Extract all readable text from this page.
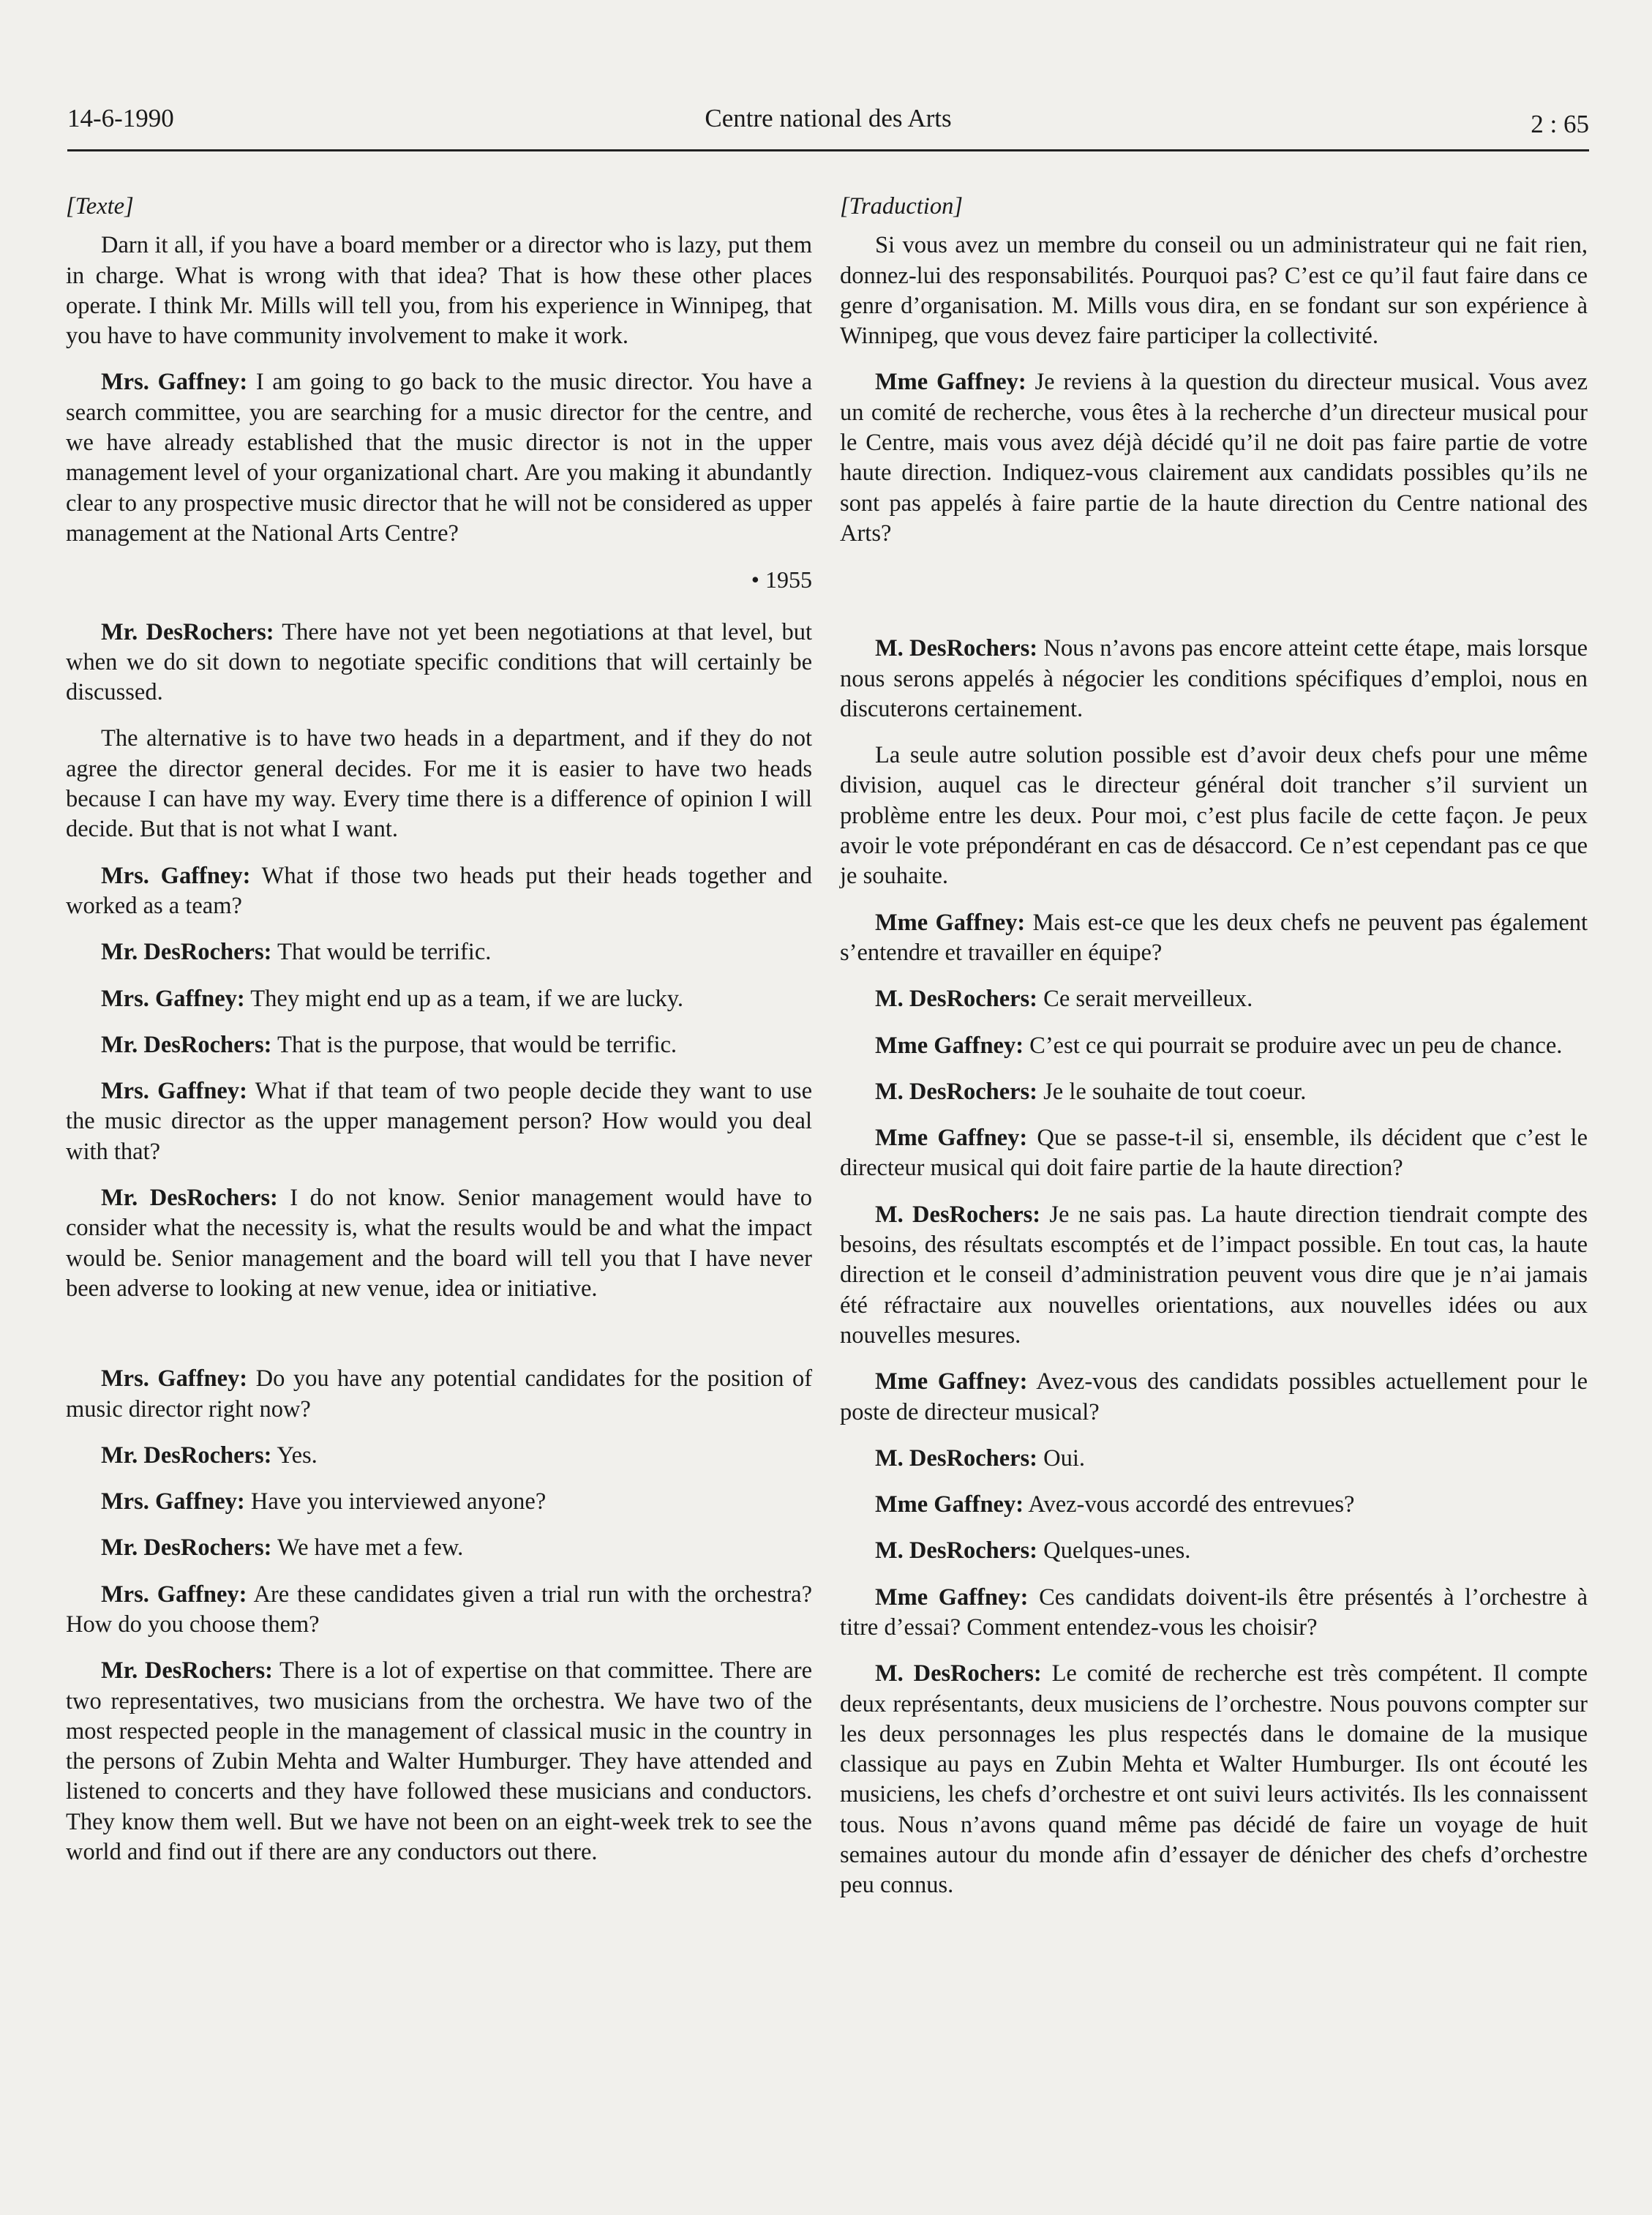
14-6-1990	Centre national des Arts	2 : 65

[Texte]

Darn it all, if you have a board member or a director who is lazy, put them in charge. What is wrong with that idea? That is how these other places operate. I think Mr. Mills will tell you, from his experience in Winnipeg, that you have to have community involvement to make it work.

Mrs. Gaffney: I am going to go back to the music director. You have a search committee, you are searching for a music director for the centre, and we have already established that the music director is not in the upper management level of your organizational chart. Are you making it abundantly clear to any prospective music director that he will not be considered as upper management at the National Arts Centre?

• 1955

Mr. DesRochers: There have not yet been negotiations at that level, but when we do sit down to negotiate specific conditions that will certainly be discussed.

The alternative is to have two heads in a department, and if they do not agree the director general decides. For me it is easier to have two heads because I can have my way. Every time there is a difference of opinion I will decide. But that is not what I want.

Mrs. Gaffney: What if those two heads put their heads together and worked as a team?

Mr. DesRochers: That would be terrific.

Mrs. Gaffney: They might end up as a team, if we are lucky.

Mr. DesRochers: That is the purpose, that would be terrific.

Mrs. Gaffney: What if that team of two people decide they want to use the music director as the upper management person? How would you deal with that?

Mr. DesRochers: I do not know. Senior management would have to consider what the necessity is, what the results would be and what the impact would be. Senior management and the board will tell you that I have never been adverse to looking at new venue, idea or initiative.

Mrs. Gaffney: Do you have any potential candidates for the position of music director right now?

Mr. DesRochers: Yes.

Mrs. Gaffney: Have you interviewed anyone?

Mr. DesRochers: We have met a few.

Mrs. Gaffney: Are these candidates given a trial run with the orchestra? How do you choose them?

Mr. DesRochers: There is a lot of expertise on that committee. There are two representatives, two musicians from the orchestra. We have two of the most respected people in the management of classical music in the country in the persons of Zubin Mehta and Walter Humburger. They have attended and listened to concerts and they have followed these musicians and conductors. They know them well. But we have not been on an eight-week trek to see the world and find out if there are any conductors out there.

[Traduction]

Si vous avez un membre du conseil ou un administrateur qui ne fait rien, donnez-lui des responsabilités. Pourquoi pas? C’est ce qu’il faut faire dans ce genre d’organisation. M. Mills vous dira, en se fondant sur son expérience à Winnipeg, que vous devez faire participer la collectivité.

Mme Gaffney: Je reviens à la question du directeur musical. Vous avez un comité de recherche, vous êtes à la recherche d’un directeur musical pour le Centre, mais vous avez déjà décidé qu’il ne doit pas faire partie de votre haute direction. Indiquez-vous clairement aux candidats possibles qu’ils ne sont pas appelés à faire partie de la haute direction du Centre national des Arts?

M. DesRochers: Nous n’avons pas encore atteint cette étape, mais lorsque nous serons appelés à négocier les conditions spécifiques d’emploi, nous en discuterons certainement.

La seule autre solution possible est d’avoir deux chefs pour une même division, auquel cas le directeur général doit trancher s’il survient un problème entre les deux. Pour moi, c’est plus facile de cette façon. Je peux avoir le vote prépondérant en cas de désaccord. Ce n’est cependant pas ce que je souhaite.

Mme Gaffney: Mais est-ce que les deux chefs ne peuvent pas également s’entendre et travailler en équipe?

M. DesRochers: Ce serait merveilleux.

Mme Gaffney: C’est ce qui pourrait se produire avec un peu de chance.

M. DesRochers: Je le souhaite de tout coeur.

Mme Gaffney: Que se passe-t-il si, ensemble, ils décident que c’est le directeur musical qui doit faire partie de la haute direction?

M. DesRochers: Je ne sais pas. La haute direction tiendrait compte des besoins, des résultats escomptés et de l’impact possible. En tout cas, la haute direction et le conseil d’administration peuvent vous dire que je n’ai jamais été réfractaire aux nouvelles orientations, aux nouvelles idées ou aux nouvelles mesures.

Mme Gaffney: Avez-vous des candidats possibles actuellement pour le poste de directeur musical?

M. DesRochers: Oui.

Mme Gaffney: Avez-vous accordé des entrevues?

M. DesRochers: Quelques-unes.

Mme Gaffney: Ces candidats doivent-ils être présentés à l’orchestre à titre d’essai? Comment entendez-vous les choisir?

M. DesRochers: Le comité de recherche est très compétent. Il compte deux représentants, deux musiciens de l’orchestre. Nous pouvons compter sur les deux personnages les plus respectés dans le domaine de la musique classique au pays en Zubin Mehta et Walter Humburger. Ils ont écouté les musiciens, les chefs d’orchestre et ont suivi leurs activités. Ils les connaissent tous. Nous n’avons quand même pas décidé de faire un voyage de huit semaines autour du monde afin d’essayer de dénicher des chefs d’orchestre peu connus.
